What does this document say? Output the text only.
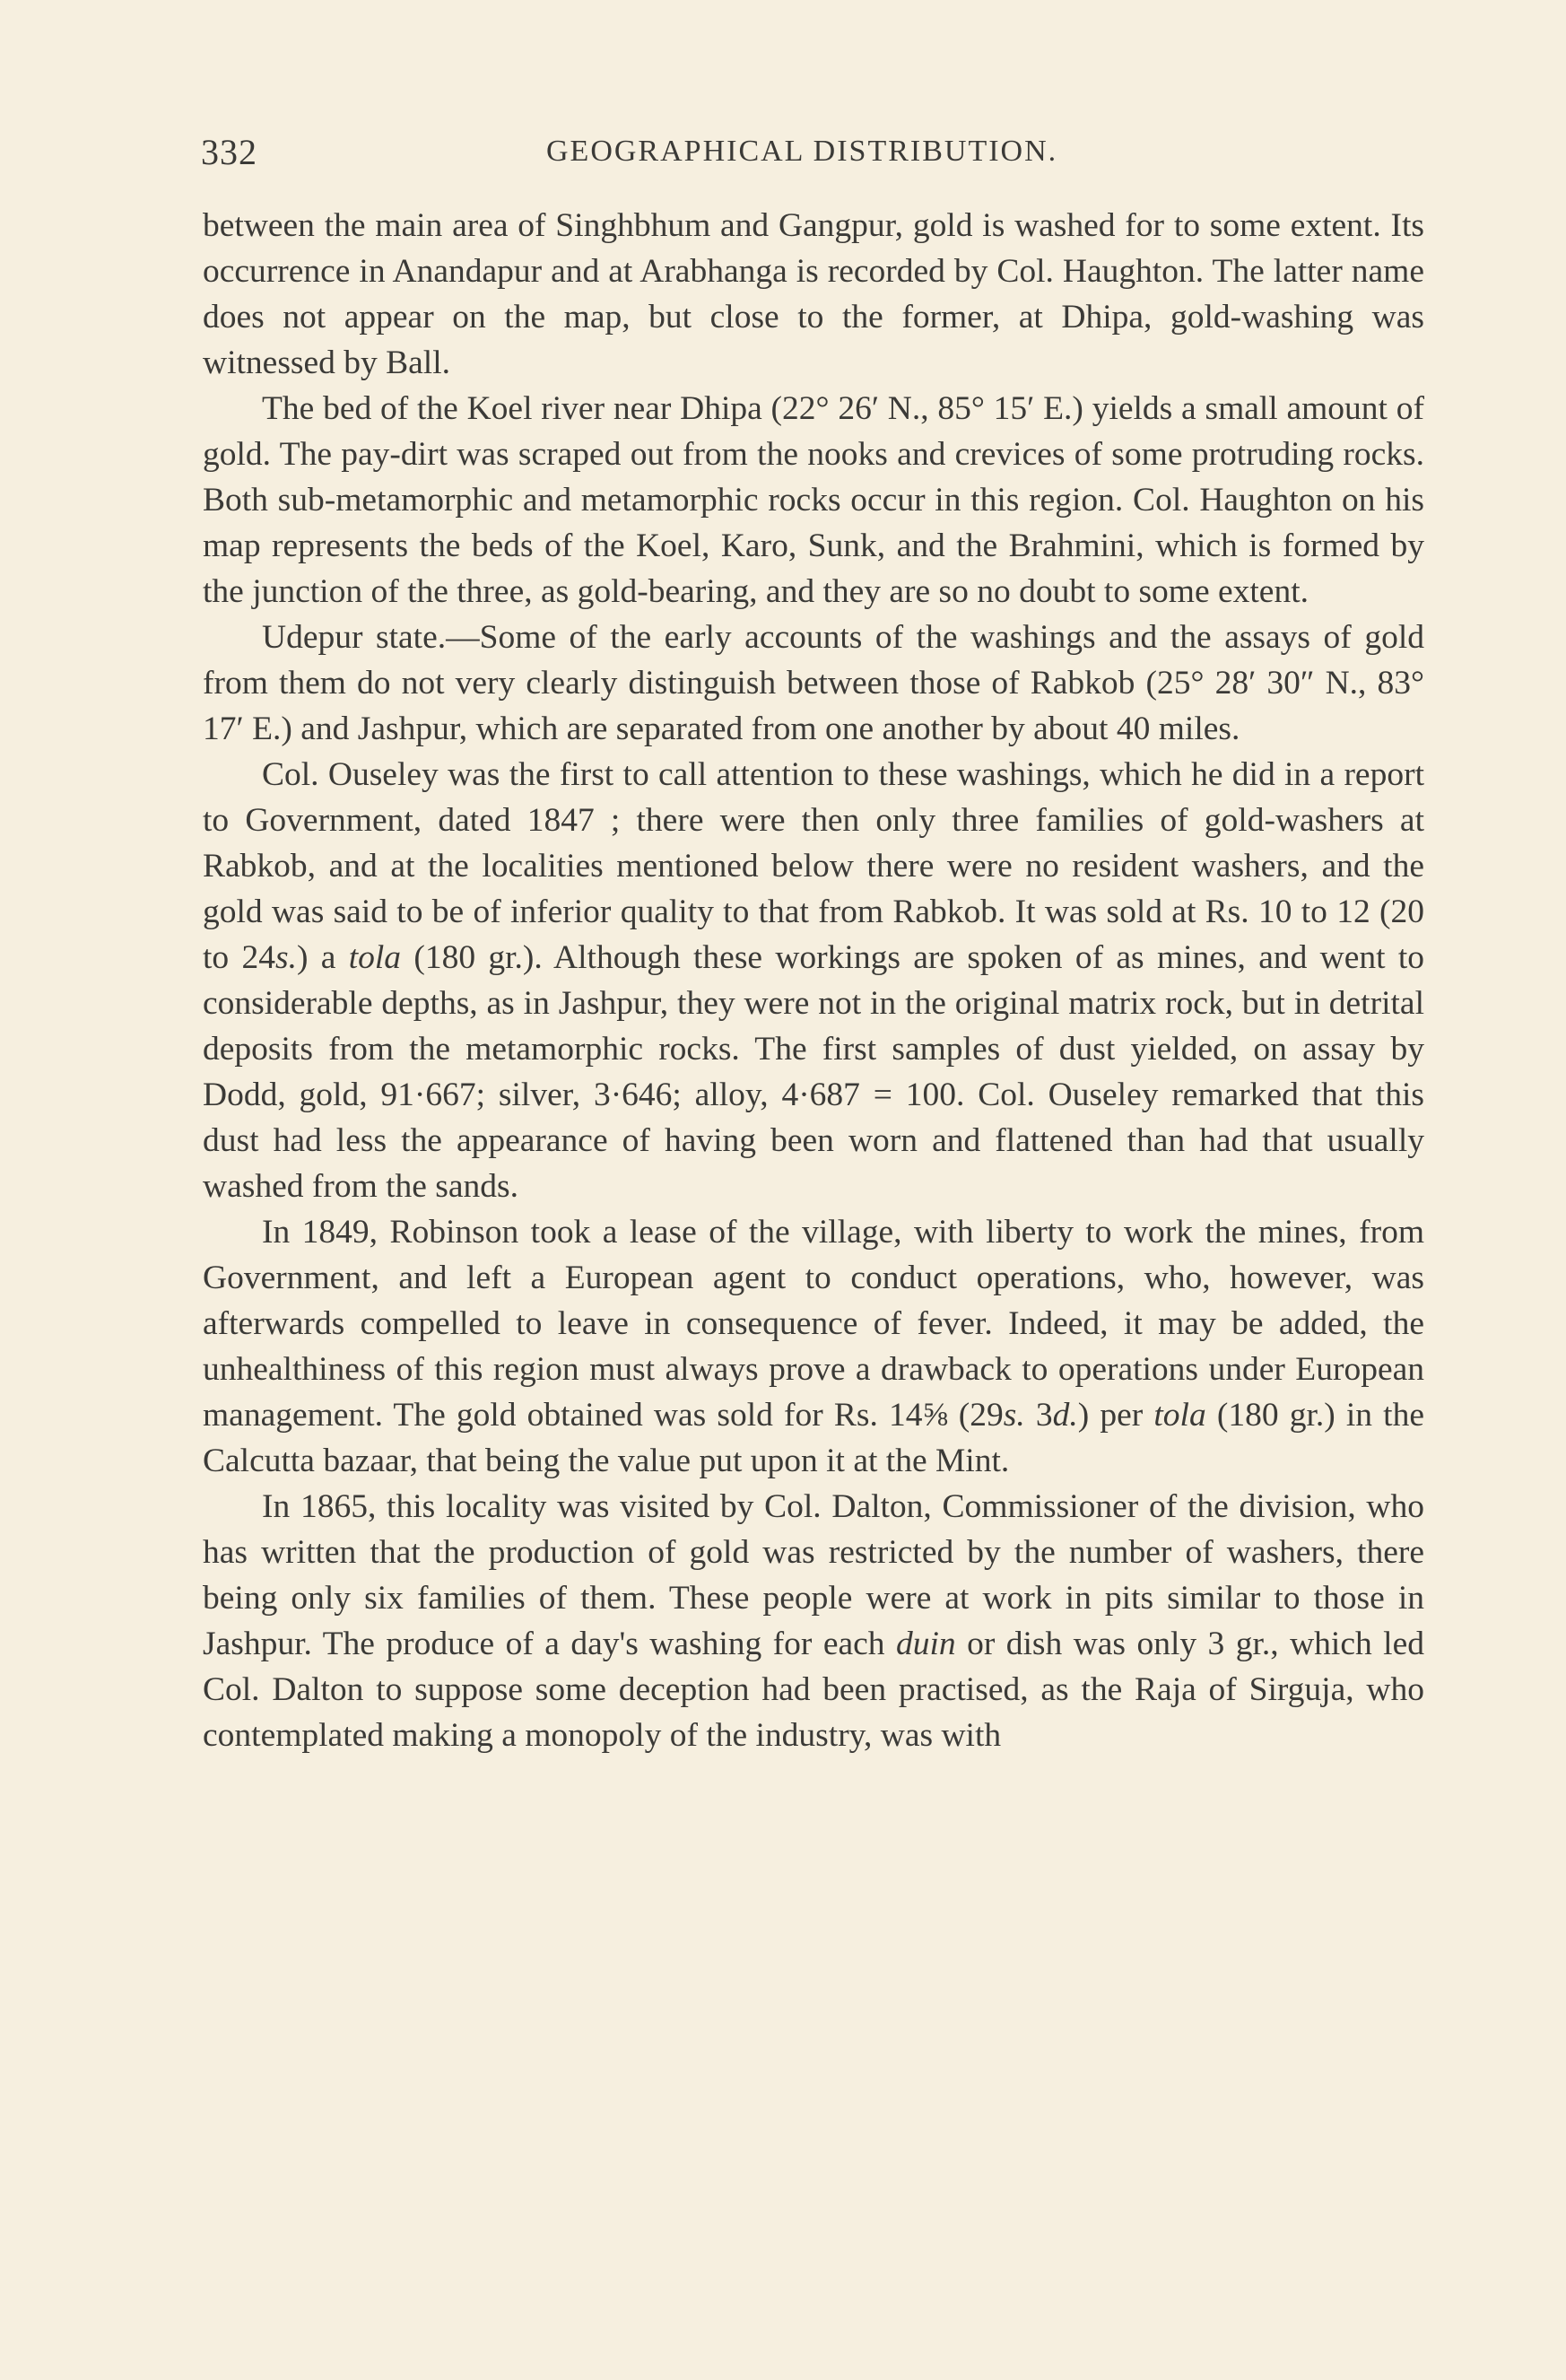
332	GEOGRAPHICAL DISTRIBUTION.

between the main area of Singhbhum and Gangpur, gold is washed for to some extent. Its occurrence in Anandapur and at Arabhanga is recorded by Col. Haughton. The latter name does not appear on the map, but close to the former, at Dhipa, gold-washing was witnessed by Ball.

The bed of the Koel river near Dhipa (22° 26′ N., 85° 15′ E.) yields a small amount of gold. The pay-dirt was scraped out from the nooks and crevices of some protruding rocks. Both sub-metamorphic and metamorphic rocks occur in this region. Col. Haughton on his map represents the beds of the Koel, Karo, Sunk, and the Brahmini, which is formed by the junction of the three, as gold-bearing, and they are so no doubt to some extent.

Udepur state.—Some of the early accounts of the washings and the assays of gold from them do not very clearly distinguish between those of Rabkob (25° 28′ 30″ N., 83° 17′ E.) and Jashpur, which are separated from one another by about 40 miles.

Col. Ouseley was the first to call attention to these washings, which he did in a report to Government, dated 1847 ; there were then only three families of gold-washers at Rabkob, and at the localities mentioned below there were no resident washers, and the gold was said to be of inferior quality to that from Rabkob. It was sold at Rs. 10 to 12 (20 to 24s.) a tola (180 gr.). Although these workings are spoken of as mines, and went to considerable depths, as in Jashpur, they were not in the original matrix rock, but in detrital deposits from the metamorphic rocks. The first samples of dust yielded, on assay by Dodd, gold, 91·667; silver, 3·646; alloy, 4·687 = 100. Col. Ouseley remarked that this dust had less the appearance of having been worn and flattened than had that usually washed from the sands.

In 1849, Robinson took a lease of the village, with liberty to work the mines, from Government, and left a European agent to conduct operations, who, however, was afterwards compelled to leave in consequence of fever. Indeed, it may be added, the unhealthiness of this region must always prove a drawback to operations under European management. The gold obtained was sold for Rs. 14⅝ (29s. 3d.) per tola (180 gr.) in the Calcutta bazaar, that being the value put upon it at the Mint.

In 1865, this locality was visited by Col. Dalton, Commissioner of the division, who has written that the production of gold was restricted by the number of washers, there being only six families of them. These people were at work in pits similar to those in Jashpur. The produce of a day's washing for each duin or dish was only 3 gr., which led Col. Dalton to suppose some deception had been practised, as the Raja of Sirguja, who contemplated making a monopoly of the industry, was with
